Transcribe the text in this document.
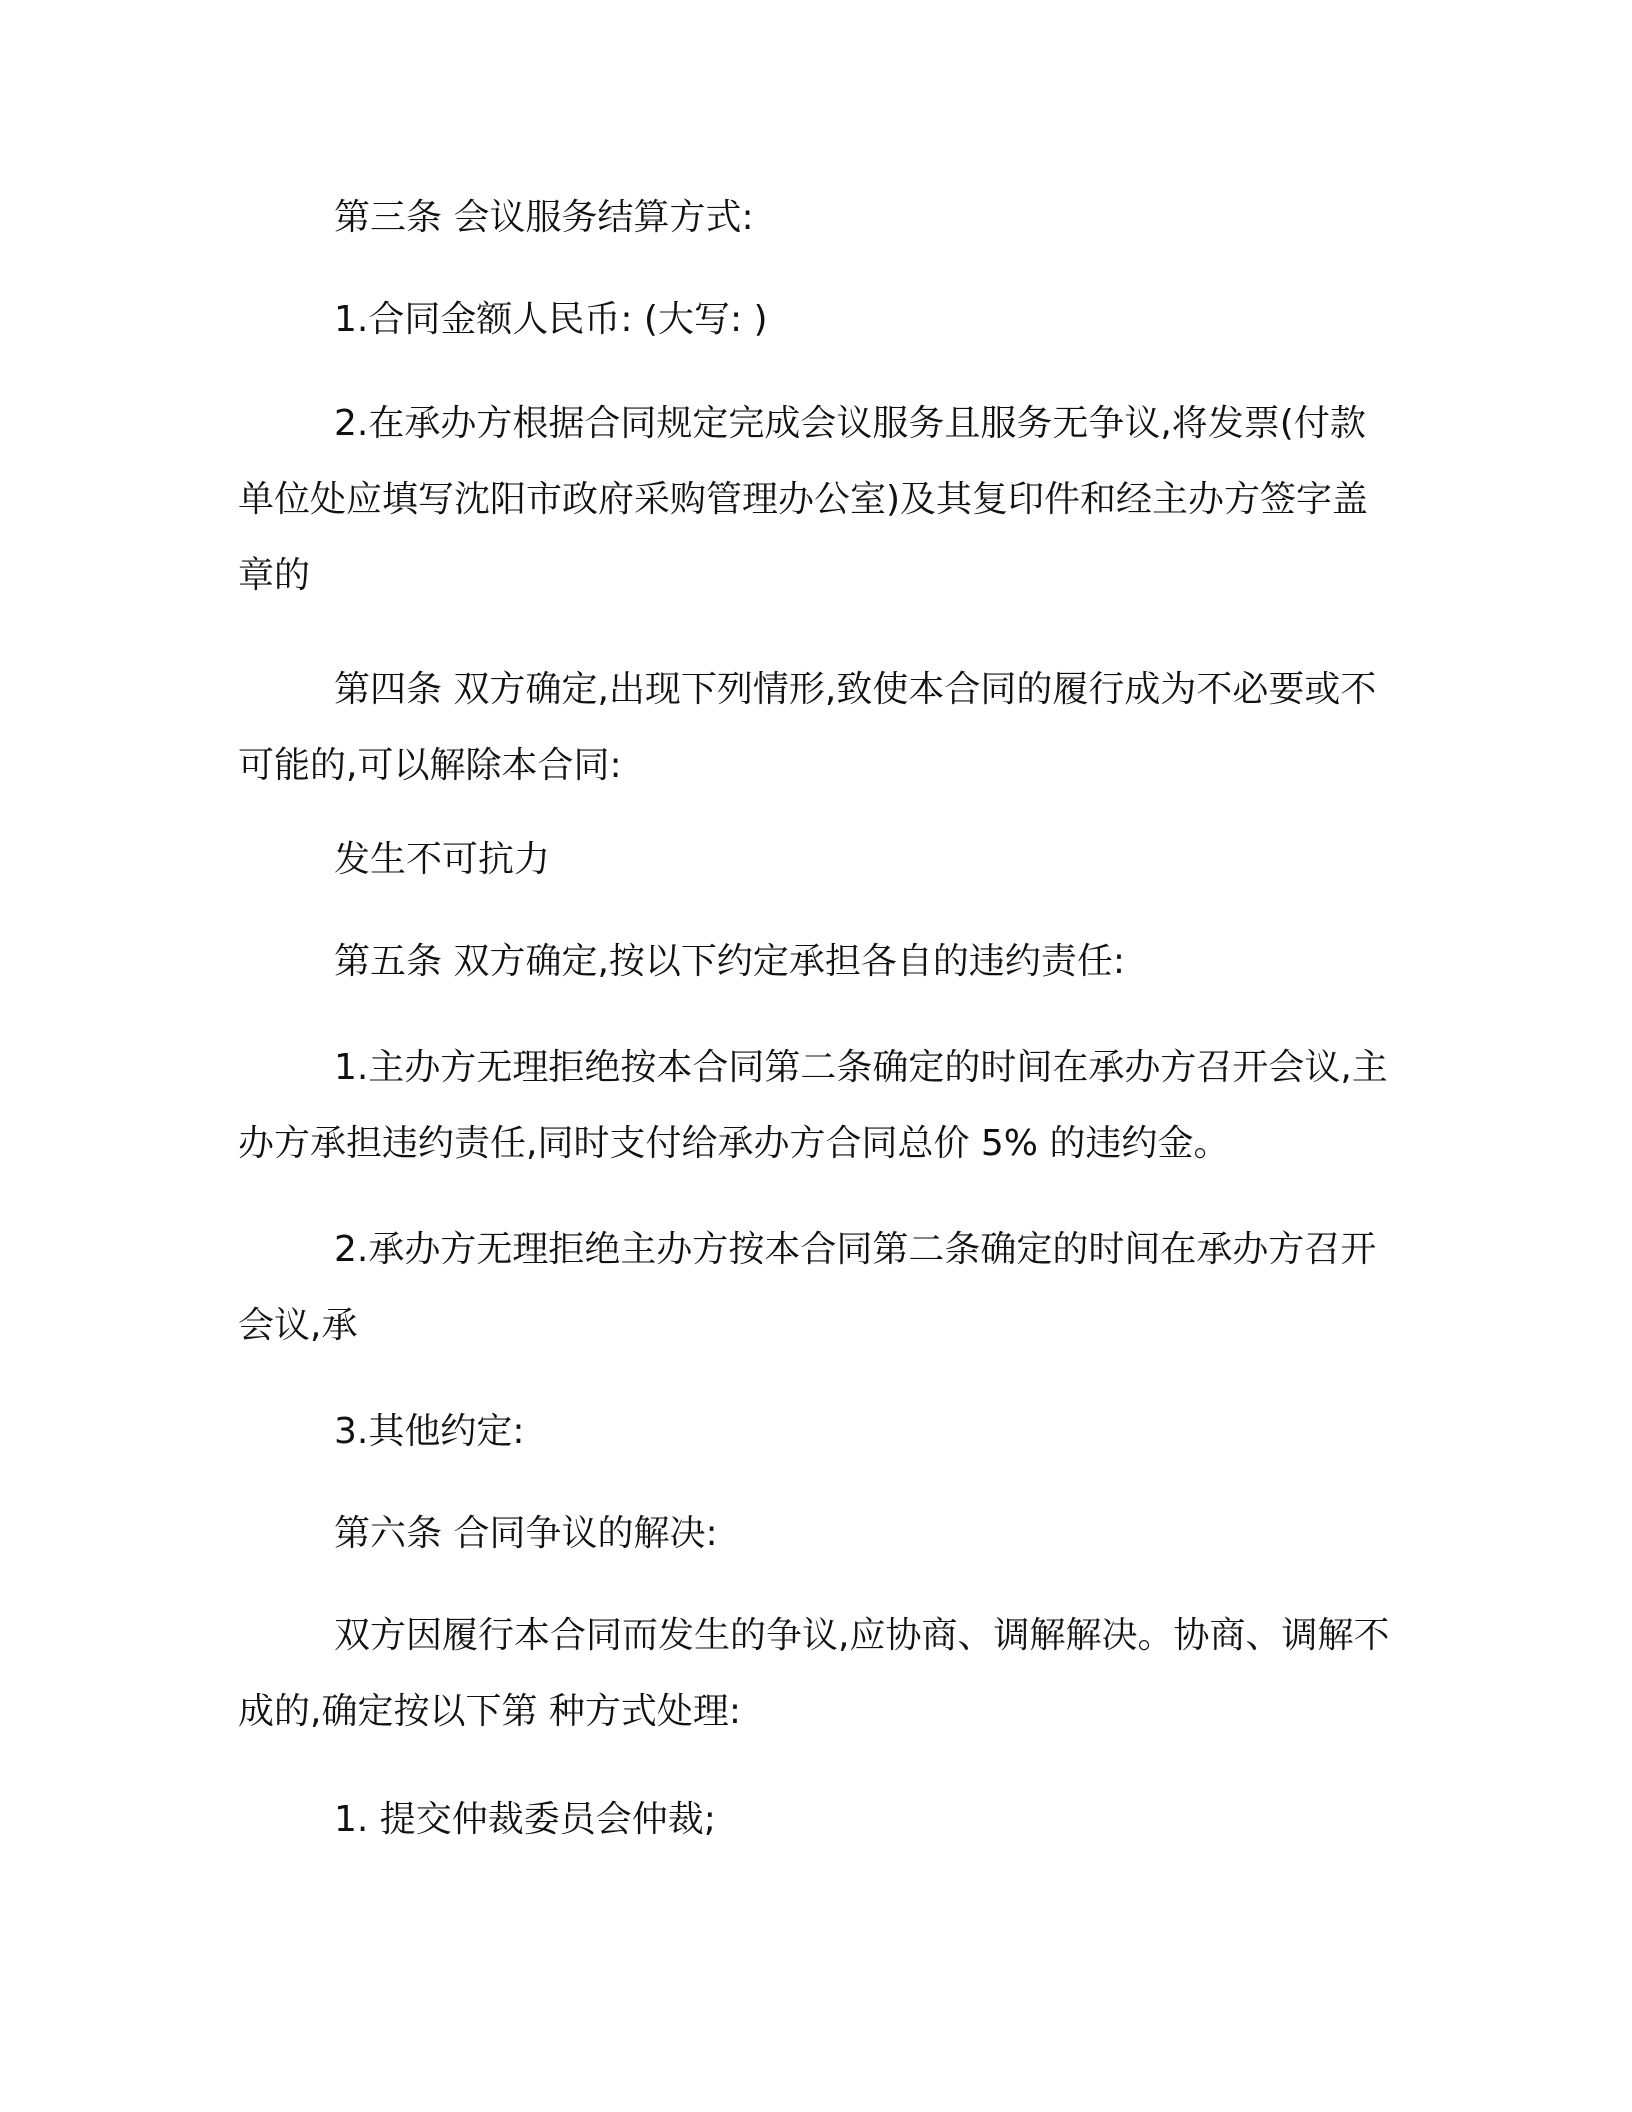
第三条 会议服务结算方式:
1.合同金额人民币: (大写: )
2.在承办方根据合同规定完成会议服务且服务无争议,将发票(付款单位处应填写沈阳市政府采购管理办公室)及其复印件和经主办方签字盖章的
第四条 双方确定,出现下列情形,致使本合同的履行成为不必要或不可能的,可以解除本合同:
发生不可抗力
第五条 双方确定,按以下约定承担各自的违约责任:
1.主办方无理拒绝按本合同第二条确定的时间在承办方召开会议,主办方承担违约责任,同时支付给承办方合同总价 5% 的违约金。
2.承办方无理拒绝主办方按本合同第二条确定的时间在承办方召开会议,承
3.其他约定:
第六条 合同争议的解决:
双方因履行本合同而发生的争议,应协商、调解解决。协商、调解不成的,确定按以下第 种方式处理:
1. 提交仲裁委员会仲裁;
